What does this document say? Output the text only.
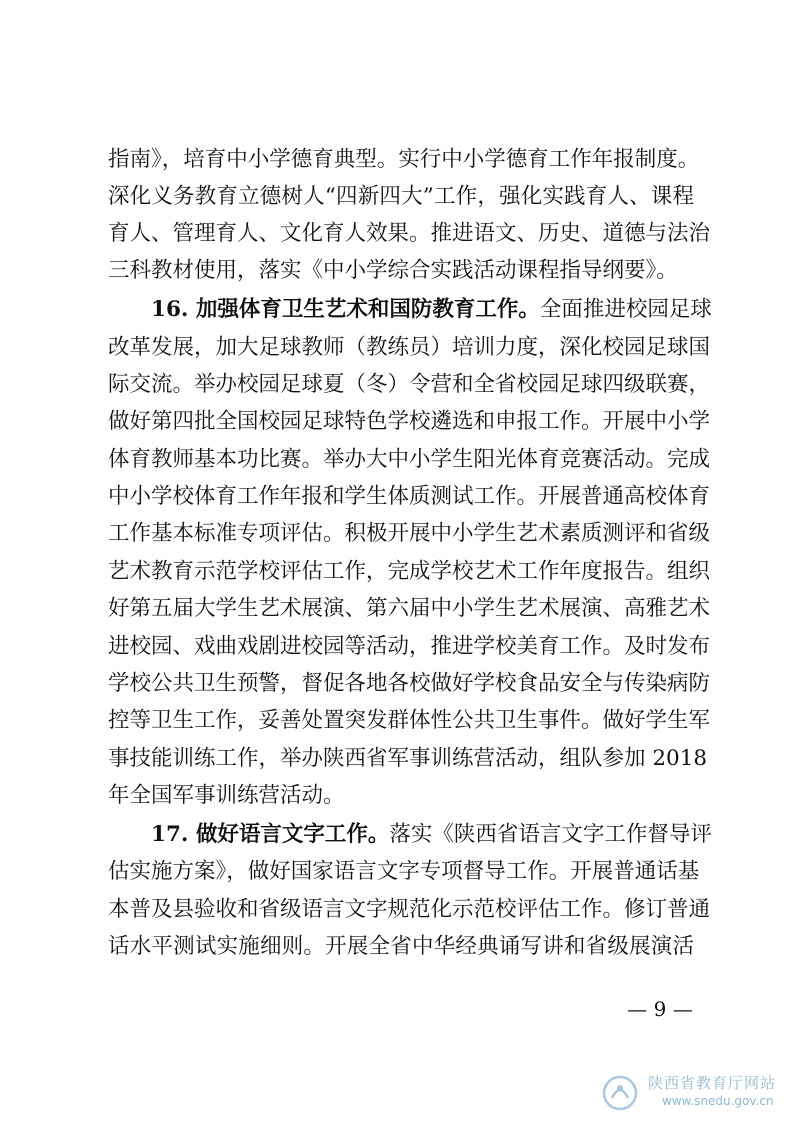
指南》，培育中小学德育典型。实行中小学德育工作年报制度。
深化义务教育立德树人“四新四大”工作，强化实践育人、课程
育人、管理育人、文化育人效果。推进语文、历史、道德与法治
三科教材使用，落实《中小学综合实践活动课程指导纲要》。
16. 加强体育卫生艺术和国防教育工作。全面推进校园足球
改革发展，加大足球教师（教练员）培训力度，深化校园足球国
际交流。举办校园足球夏（冬）令营和全省校园足球四级联赛，
做好第四批全国校园足球特色学校遴选和申报工作。开展中小学
体育教师基本功比赛。举办大中小学生阳光体育竞赛活动。完成
中小学校体育工作年报和学生体质测试工作。开展普通高校体育
工作基本标准专项评估。积极开展中小学生艺术素质测评和省级
艺术教育示范学校评估工作，完成学校艺术工作年度报告。组织
好第五届大学生艺术展演、第六届中小学生艺术展演、高雅艺术
进校园、戏曲戏剧进校园等活动，推进学校美育工作。及时发布
学校公共卫生预警，督促各地各校做好学校食品安全与传染病防
控等卫生工作，妥善处置突发群体性公共卫生事件。做好学生军
事技能训练工作，举办陕西省军事训练营活动，组队参加 2018
年全国军事训练营活动。
17. 做好语言文字工作。落实《陕西省语言文字工作督导评
估实施方案》，做好国家语言文字专项督导工作。开展普通话基
本普及县验收和省级语言文字规范化示范校评估工作。修订普通
话水平测试实施细则。开展全省中华经典诵写讲和省级展演活
— 9 —
陕西省教育厅网站
www.snedu.gov.cn
